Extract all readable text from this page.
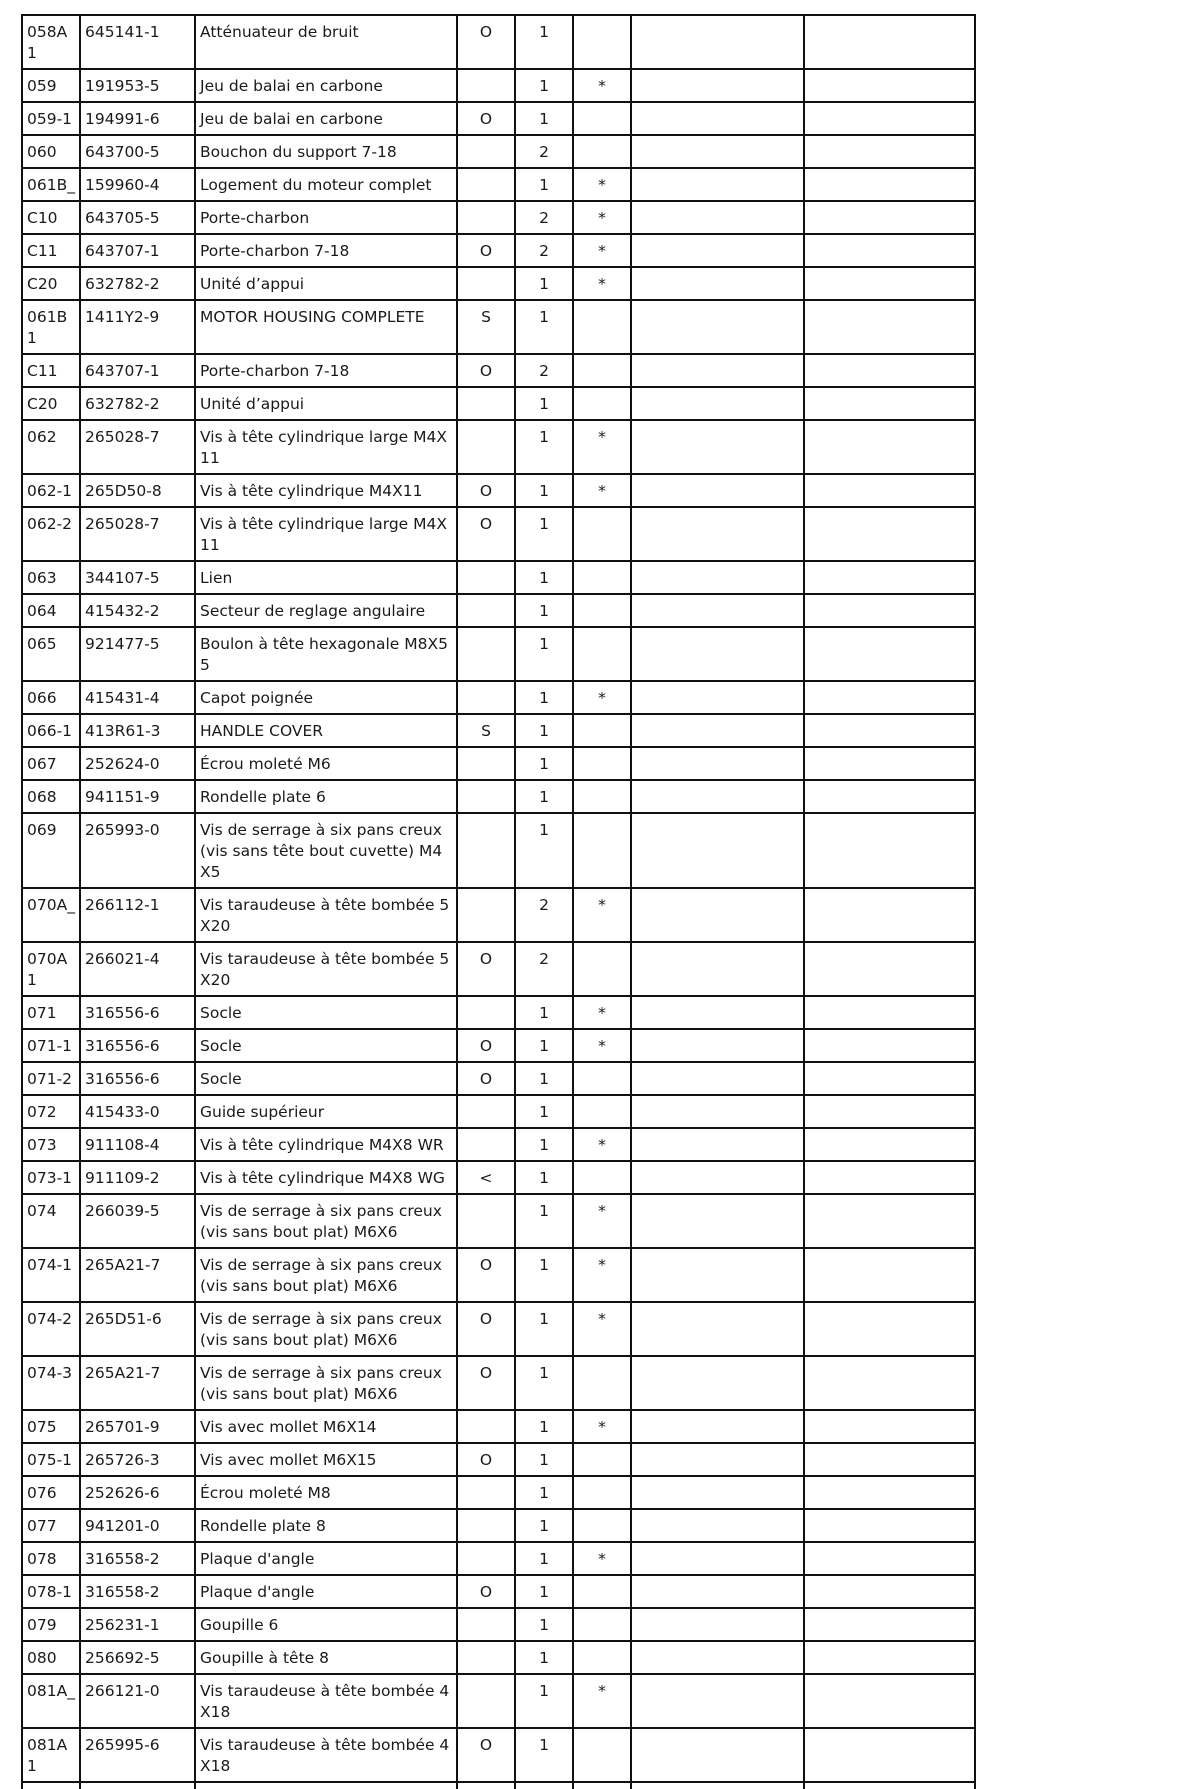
058A1	645141-1	Atténuateur de bruit	O	1			
059	191953-5	Jeu de balai en carbone		1	*		
059-1	194991-6	Jeu de balai en carbone	O	1			
060	643700-5	Bouchon du support 7-18		2			
061B_	159960-4	Logement du moteur complet		1	*		
C10	643705-5	Porte-charbon		2	*		
C11	643707-1	Porte-charbon 7-18	O	2	*		
C20	632782-2	Unité d’appui		1	*		
061B1	1411Y2-9	MOTOR HOUSING COMPLETE	S	1			
C11	643707-1	Porte-charbon 7-18	O	2			
C20	632782-2	Unité d’appui		1			
062	265028-7	Vis à tête cylindrique large M4X11		1	*		
062-1	265D50-8	Vis à tête cylindrique M4X11	O	1	*		
062-2	265028-7	Vis à tête cylindrique large M4X11	O	1			
063	344107-5	Lien		1			
064	415432-2	Secteur de reglage angulaire		1			
065	921477-5	Boulon à tête hexagonale M8X55		1			
066	415431-4	Capot poignée		1	*		
066-1	413R61-3	HANDLE COVER	S	1			
067	252624-0	Écrou moleté M6		1			
068	941151-9	Rondelle plate 6		1			
069	265993-0	Vis de serrage à six pans creux (vis sans tête bout cuvette) M4X5		1			
070A_	266112-1	Vis taraudeuse à tête bombée 5X20		2	*		
070A1	266021-4	Vis taraudeuse à tête bombée 5X20	O	2			
071	316556-6	Socle		1	*		
071-1	316556-6	Socle	O	1	*		
071-2	316556-6	Socle	O	1			
072	415433-0	Guide supérieur		1			
073	911108-4	Vis à tête cylindrique M4X8 WR		1	*		
073-1	911109-2	Vis à tête cylindrique M4X8 WG	<	1			
074	266039-5	Vis de serrage à six pans creux (vis sans bout plat) M6X6		1	*		
074-1	265A21-7	Vis de serrage à six pans creux (vis sans bout plat) M6X6	O	1	*		
074-2	265D51-6	Vis de serrage à six pans creux (vis sans bout plat) M6X6	O	1	*		
074-3	265A21-7	Vis de serrage à six pans creux (vis sans bout plat) M6X6	O	1			
075	265701-9	Vis avec mollet M6X14		1	*		
075-1	265726-3	Vis avec mollet M6X15	O	1			
076	252626-6	Écrou moleté M8		1			
077	941201-0	Rondelle plate 8		1			
078	316558-2	Plaque d'angle		1	*		
078-1	316558-2	Plaque d'angle	O	1			
079	256231-1	Goupille 6		1			
080	256692-5	Goupille à tête 8		1			
081A_	266121-0	Vis taraudeuse à tête bombée 4X18		1	*		
081A1	265995-6	Vis taraudeuse à tête bombée 4X18	O	1			
